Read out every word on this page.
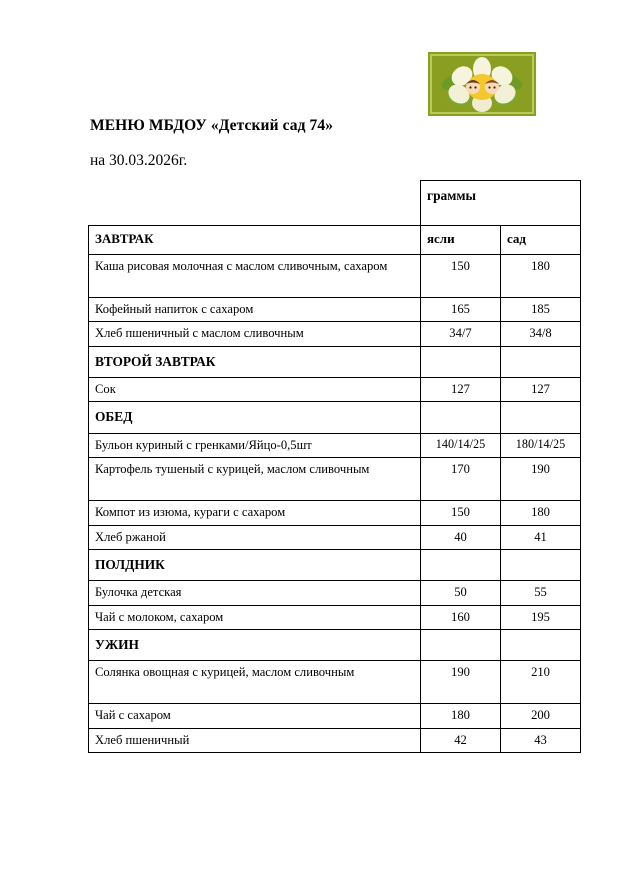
МЕНЮ МБДОУ «Детский сад 74»
на 30.03.2026г.
	граммы	
ЗАВТРАК	ясли	сад
Каша рисовая молочная с маслом сливочным, сахаром	150	180
Кофейный напиток с сахаром	165	185
Хлеб пшеничный с маслом сливочным	34/7	34/8
ВТОРОЙ ЗАВТРАК		
Сок	127	127
ОБЕД		
Бульон куриный с гренками/Яйцо-0,5шт	140/14/25	180/14/25
Картофель тушеный с курицей, маслом сливочным	170	190
Компот из изюма, кураги с сахаром	150	180
Хлеб ржаной	40	41
ПОЛДНИК		
Булочка детская	50	55
Чай с молоком, сахаром	160	195
УЖИН		
Солянка овощная с курицей, маслом сливочным	190	210
Чай с сахаром	180	200
Хлеб пшеничный	42	43
